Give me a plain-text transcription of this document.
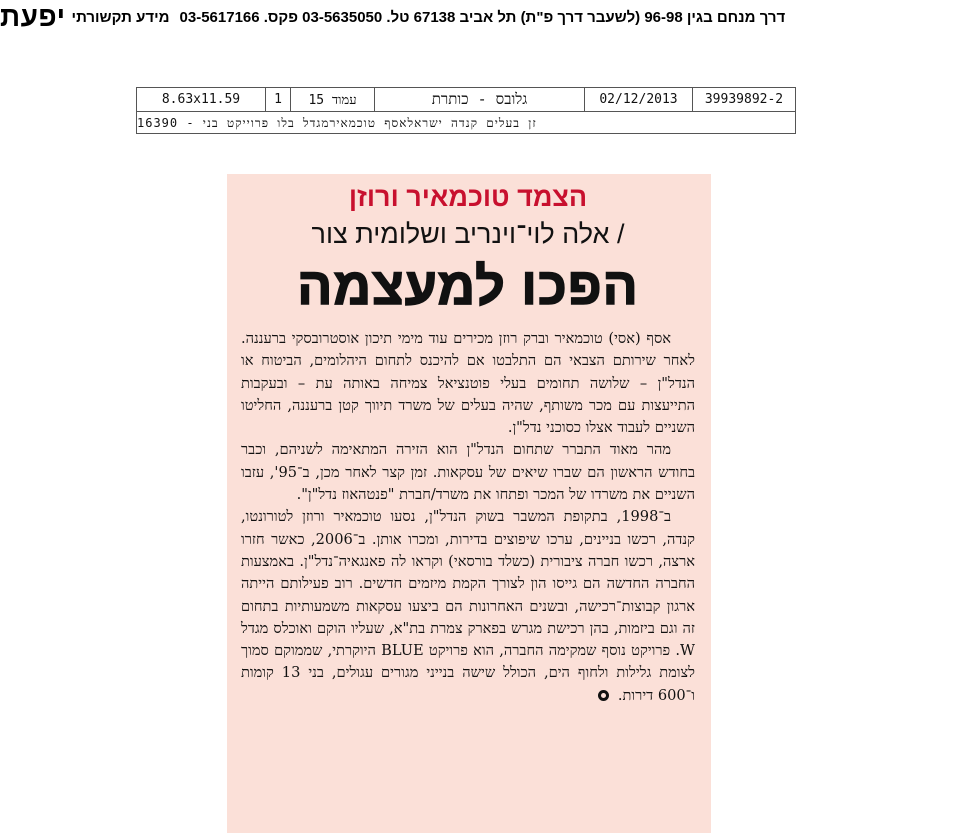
יפעת מידע תקשורתי דרך מנחם בגין 96-98 (לשעבר דרך פ"ת) תל אביב 67138 טל. 03-5635050 פקס. 03-5617166
8.63x11.59	1	עמוד 15	גלובס - כותרת	02/12/2013	39939892-2
זן בעלים קנדה ישראלאסף טוכמאירמגדל בלו פרוייקט בני - 16390
הצמד טוכמאיר ורוזן
/ אלה לוי־וינריב ושלומית צור
הפכו למעצמה

אסף (אסי) טוכמאיר וברק רוזן מכירים עוד מימי תיכון אוסטרובסקי ברעננה. לאחר שירותם הצבאי הם התלבטו אם להיכנס לתחום היהלומים, הביטוח או הנדל"ן – שלושה תחומים בעלי פוטנציאל צמיחה באותה עת – ובעקבות התייעצות עם מכר משותף, שהיה בעלים של משרד תיווך קטן ברעננה, החליטו השניים לעבוד אצלו כסוכני נדל"ן.

מהר מאוד התברר שתחום הנדל"ן הוא הזירה המתאימה לשניהם, וכבר בחודש הראשון הם שברו שיאים של עסקאות. זמן קצר לאחר מכן, ב־95', עזבו השניים את משרדו של המכר ופתחו את משרד/חברת "פנטהאוז נדל"ן".

ב־1998, בתקופת המשבר בשוק הנדל"ן, נסעו טוכמאיר ורוזן לטורונטו, קנדה, רכשו בניינים, ערכו שיפוצים בדירות, ומכרו אותן. ב־2006, כאשר חזרו ארצה, רכשו חברה ציבורית (כשלד בורסאי) וקראו לה פאנגאיה־נדל"ן. באמצעות החברה החדשה הם גייסו הון לצורך הקמת מיזמים חדשים. רוב פעילותם הייתה ארגון קבוצות־רכישה, ובשנים האחרונות הם ביצעו עסקאות משמעותיות בתחום זה וגם ביזמות, בהן רכישת מגרש בפארק צמרת בת"א, שעליו הוקם ואוכלס מגדל W. פרויקט נוסף שמקימה החברה, הוא פרויקט BLUE היוקרתי, שממוקם סמוך לצומת גלילות ולחוף הים, הכולל שישה בנייני מגורים עגולים, בני 13 קומות ו־600 דירות.
